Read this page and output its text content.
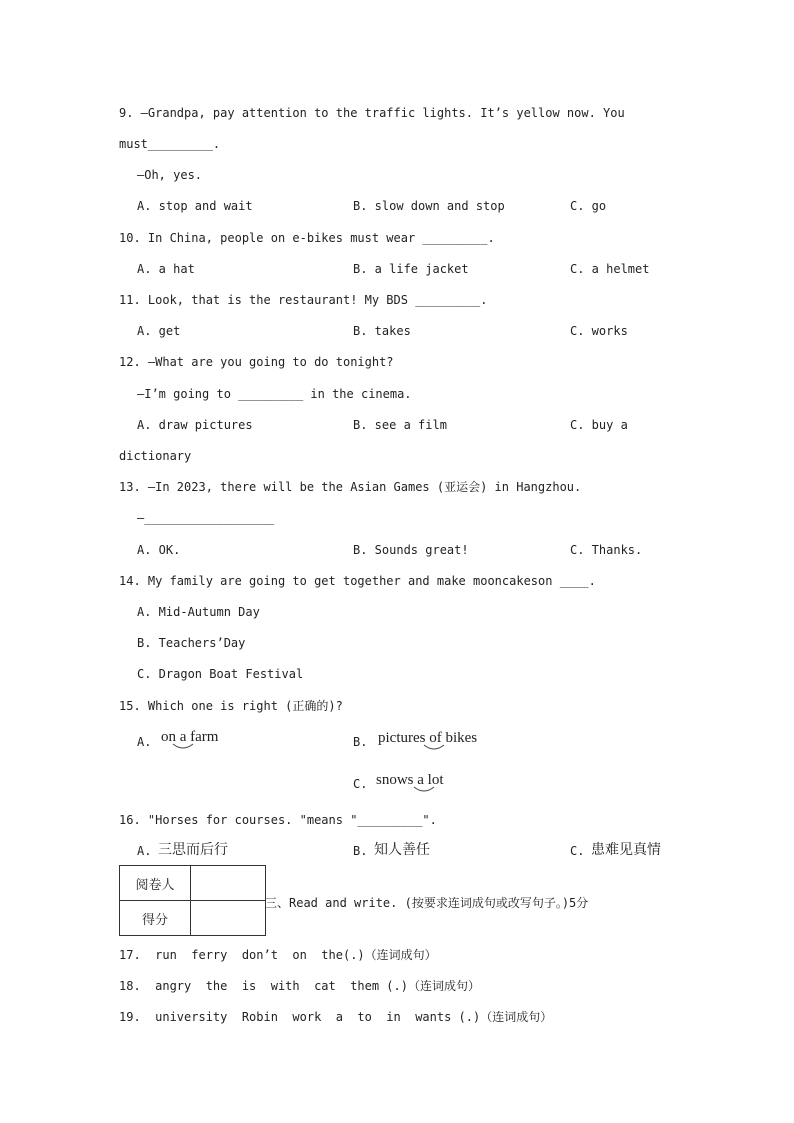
9. —Grandpa, pay attention to the traffic lights. It’s yellow now. You
must_________.
—Oh, yes.
A. stop and wait	B. slow down and stop	C. go
10. In China, people on e-bikes must wear _________.
A. a hat	B. a life jacket	C. a helmet
11. Look, that is the restaurant! My BDS _________.
A. get	B. takes	C. works
12. —What are you going to do tonight?
—I’m going to _________ in the cinema.
A. draw pictures	B. see a film	C. buy a
dictionary
13. —In 2023, there will be the Asian Games (亚运会) in Hangzhou.
—__________________
A. OK.	B. Sounds great!	C. Thanks.
14. My family are going to get together and make mooncakeson ____.
A. Mid-Autumn Day
B. Teachers’Day
C. Dragon Boat Festival
15. Which one is right (正确的)?
A. on a farm	B. pictures of bikes
C. snows a lot
16. "Horses for courses. "means "_________".
A. 三思而后行	B. 知人善任	C. 患难见真情
阅卷人	
得分	
三、Read and write. (按要求连词成句或改写句子。)5分
17.  run  ferry  don’t  on  the(.)（连词成句）
18.  angry  the  is  with  cat  them (.)（连词成句）
19.  university  Robin  work  a  to  in  wants (.)（连词成句）
